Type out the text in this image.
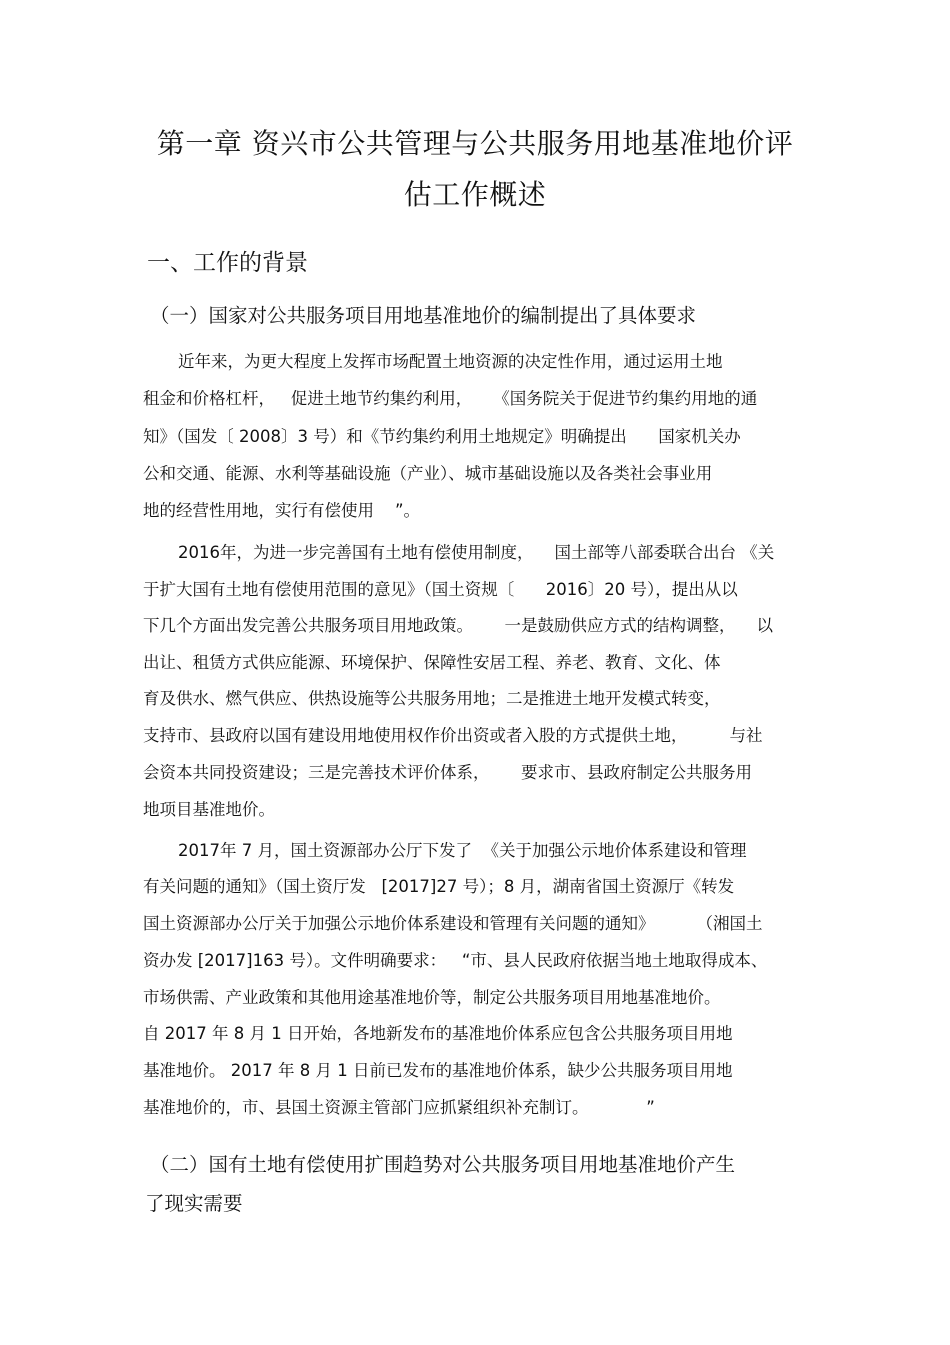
第一章 资兴市公共管理与公共服务用地基准地价评
估工作概述
一、工作的背景
（一）国家对公共服务项目用地基准地价的编制提出了具体要求
近年来，为更大程度上发挥市场配置土地资源的决定性作用，通过运用土地
租金和价格杠杆，   促进土地节约集约利用，    《国务院关于促进节约集约用地的通
知》（国发〔 2008〕3 号）和《节约集约利用土地规定》明确提出      国家机关办
公和交通、能源、水利等基础设施（产业）、城市基础设施以及各类社会事业用
地的经营性用地，实行有偿使用    ”。
2016年，为进一步完善国有土地有偿使用制度，    国土部等八部委联合出台 《关
于扩大国有土地有偿使用范围的意见》（国土资规〔      2016〕20 号），提出从以
下几个方面出发完善公共服务项目用地政策。      一是鼓励供应方式的结构调整，    以
出让、租赁方式供应能源、环境保护、保障性安居工程、养老、教育、文化、体
育及供水、燃气供应、供热设施等公共服务用地；二是推进土地开发模式转变，
支持市、县政府以国有建设用地使用权作价出资或者入股的方式提供土地，        与社
会资本共同投资建设；三是完善技术评价体系，      要求市、县政府制定公共服务用
地项目基准地价。
2017年 7 月，国土资源部办公厅下发了  《关于加强公示地价体系建设和管理
有关问题的通知》（国土资厅发   [2017]27 号）；8 月，湖南省国土资源厅《转发
国土资源部办公厅关于加强公示地价体系建设和管理有关问题的通知》        （湘国土
资办发 [2017]163 号）。文件明确要求：   “市、县人民政府依据当地土地取得成本、
市场供需、产业政策和其他用途基准地价等，制定公共服务项目用地基准地价。
自 2017 年 8 月 1 日开始，各地新发布的基准地价体系应包含公共服务项目用地
基准地价。 2017 年 8 月 1 日前已发布的基准地价体系，缺少公共服务项目用地
基准地价的，市、县国土资源主管部门应抓紧组织补充制订。           ”
（二）国有土地有偿使用扩围趋势对公共服务项目用地基准地价产生
了现实需要
